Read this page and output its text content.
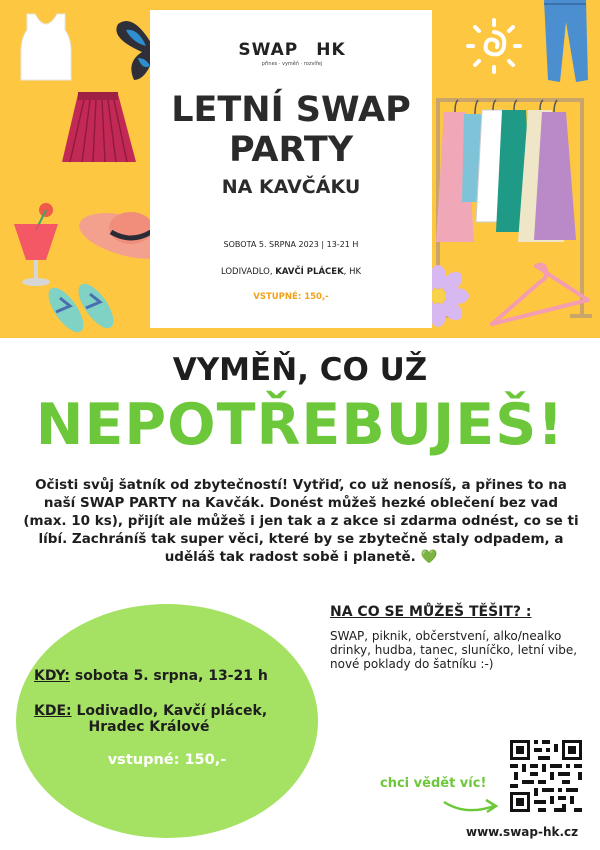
SWAP HK
přines · vyměň · rozvířej
LETNÍ SWAP
PARTY
NA KAVČÁKU
SOBOTA 5. SRPNA 2023 | 13-21 H
LODIVADLO, KAVČÍ PLÁCEK, HK
VSTUPNÉ: 150,-
VYMĚŇ, CO UŽ
NEPOTŘEBUJEŠ!
Očisti svůj šatník od zbytečností! Vytřiď, co už nenosíš, a přines to na naší SWAP PARTY na Kavčák. Donést můžeš hezké oblečení bez vad (max. 10 ks), přijít ale můžeš i jen tak a z akce si zdarma odnést, co se ti líbí. Zachráníš tak super věci, které by se zbytečně staly odpadem, a uděláš tak radost sobě i planetě. 💚
KDY: sobota 5. srpna, 13-21 h
KDE: Lodivadlo, Kavčí plácek,
Hradec Králové
vstupné: 150,-
NA CO SE MŮŽEŠ TĚŠIT? :
SWAP, piknik, občerstvení, alko/nealko drinky, hudba, tanec, sluníčko, letní vibe, nové poklady do šatníku :-)
chci vědět víc!
www.swap-hk.cz
